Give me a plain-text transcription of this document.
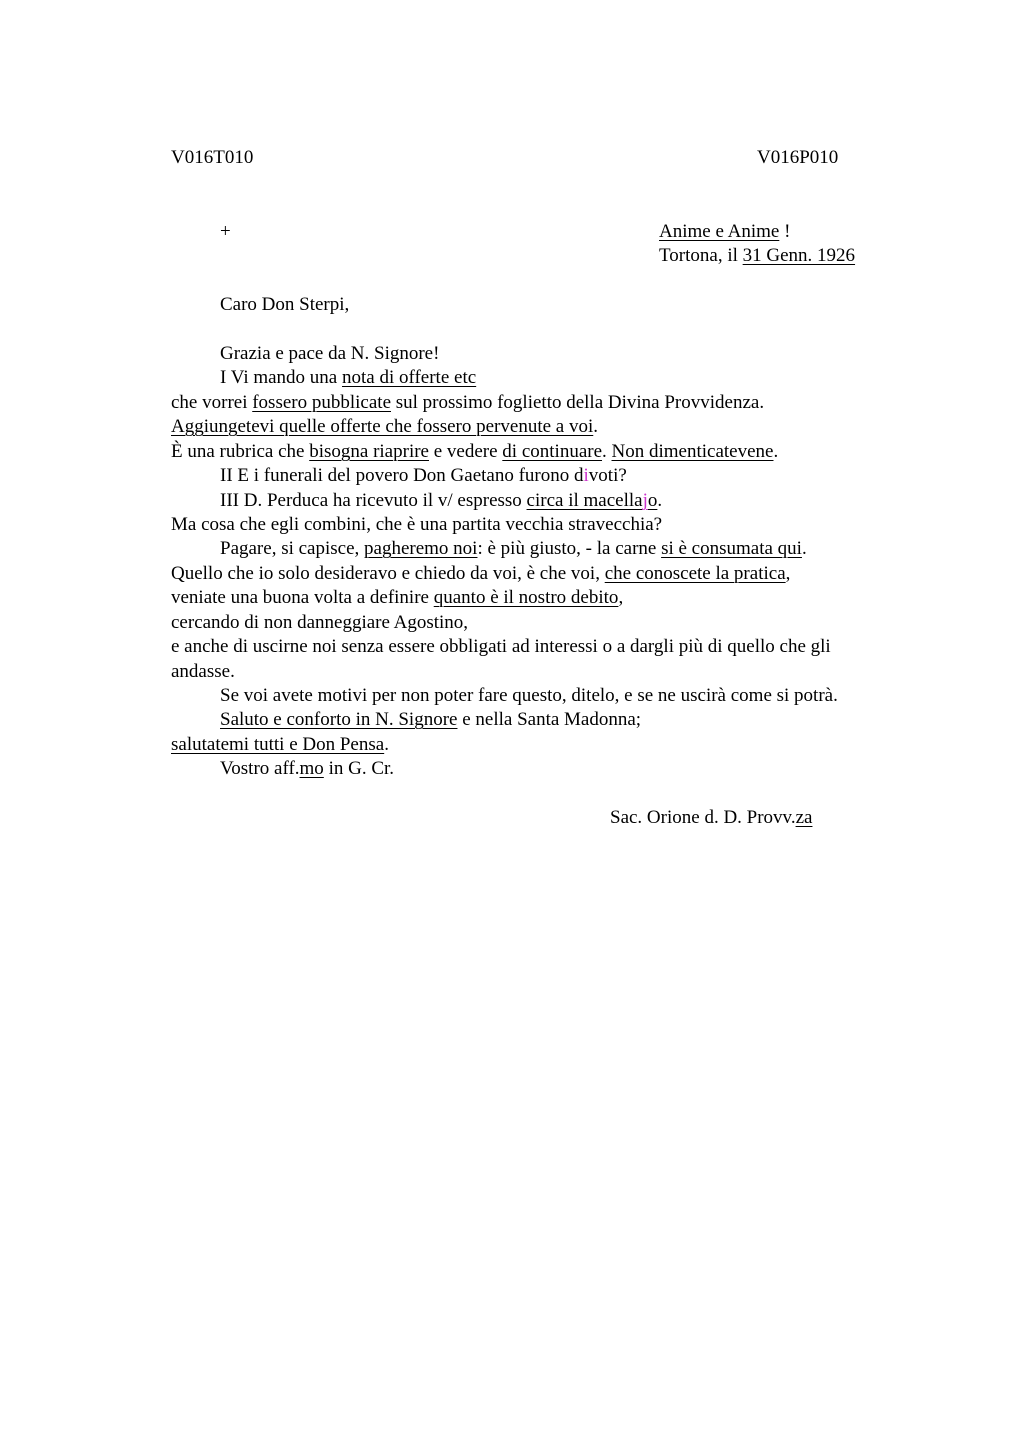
V016T010	V016P010

+	Anime e Anime !
Tortona, il 31 Genn. 1926

Caro Don Sterpi,

Grazia e pace da N. Signore!

I Vi mando una nota di offerte etc

che vorrei fossero pubblicate sul prossimo foglietto della Divina Provvidenza.

Aggiungetevi quelle offerte che fossero pervenute a voi.

È una rubrica che bisogna riaprire e vedere di continuare. Non dimenticatevene.

II E i funerali del povero Don Gaetano furono divoti?

III D. Perduca ha ricevuto il v/ espresso circa il macellajo.

Ma cosa che egli combini, che è una partita vecchia stravecchia?

Pagare, si capisce, pagheremo noi: è più giusto, - la carne si è consumata qui.

Quello che io solo desideravo e chiedo da voi, è che voi, che conoscete la pratica,

veniate una buona volta a definire quanto è il nostro debito,

cercando di non danneggiare Agostino,

e anche di uscirne noi senza essere obbligati ad interessi o a dargli più di quello che gli

andasse.

Se voi avete motivi per non poter fare questo, ditelo, e se ne uscirà come si potrà.

Saluto e conforto in N. Signore e nella Santa Madonna;

salutatemi tutti e Don Pensa.

Vostro aff.mo in G. Cr.

Sac. Orione d. D. Provv.za
